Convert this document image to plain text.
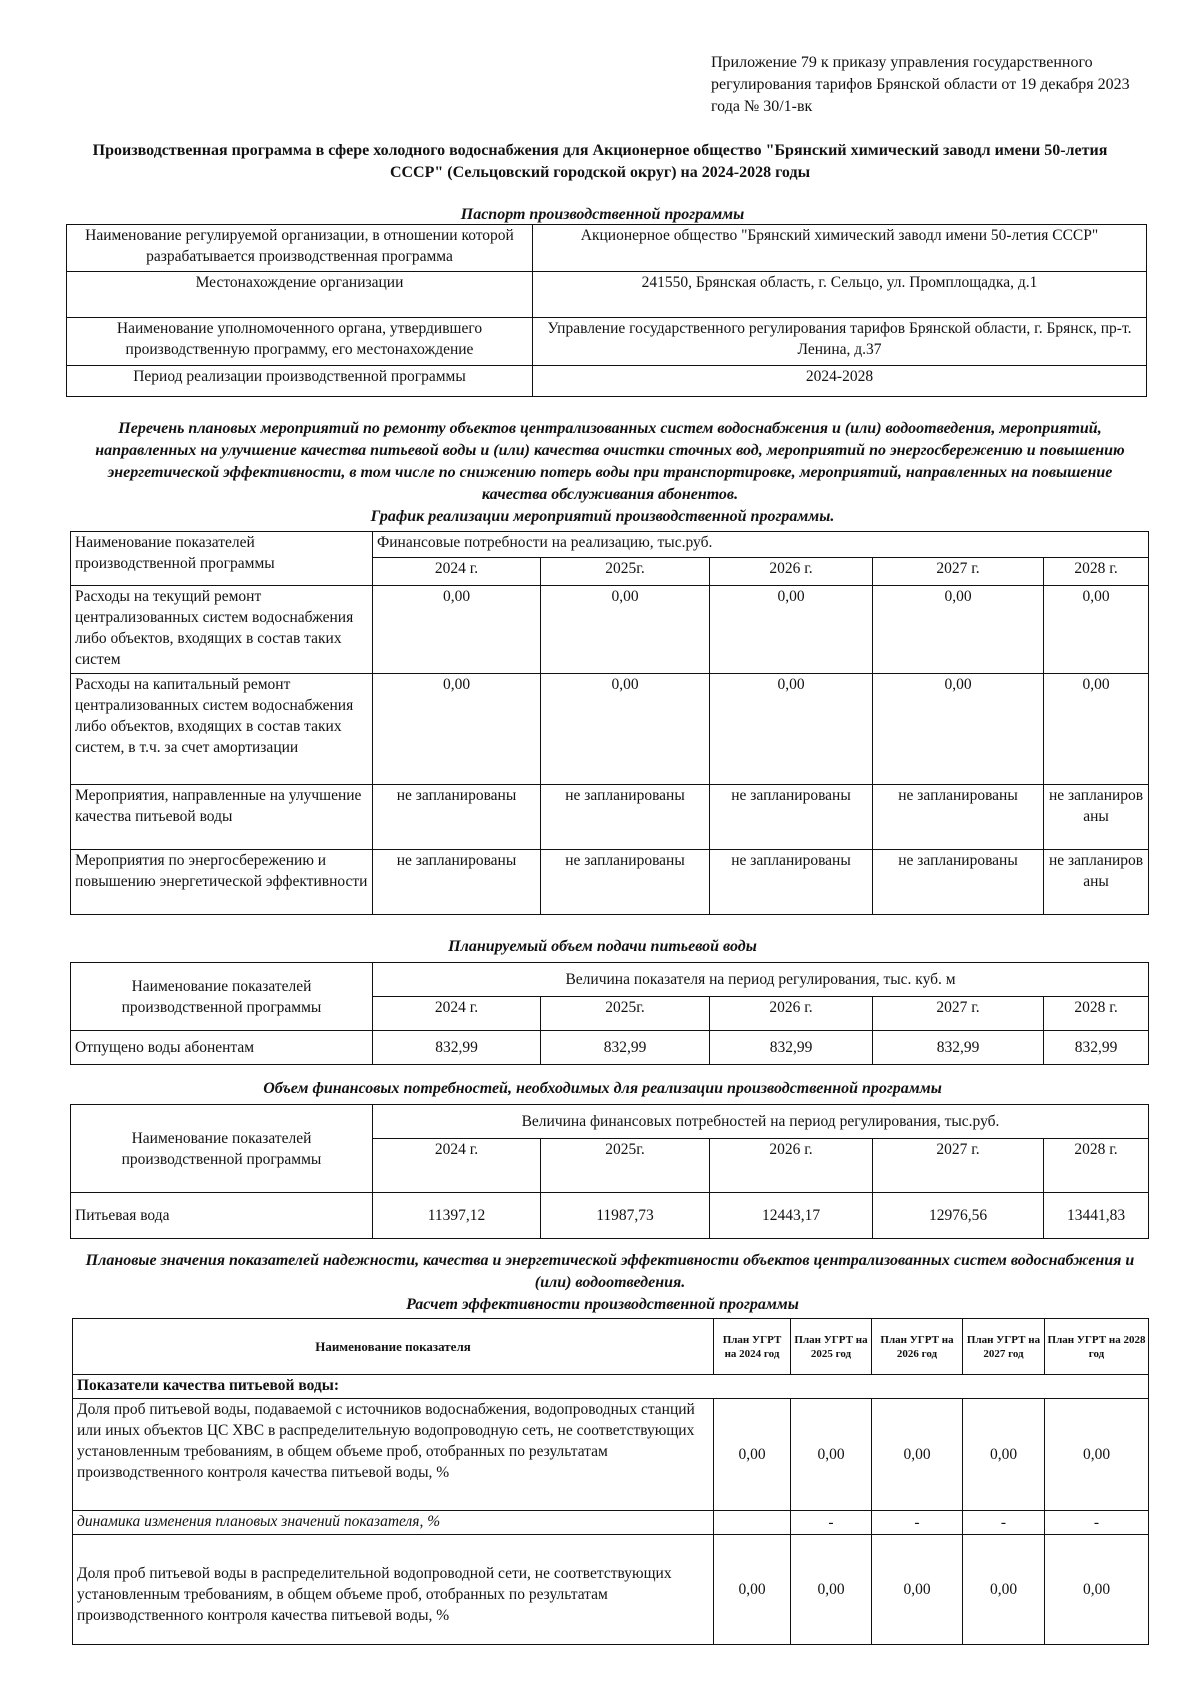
Приложение 79 к приказу управления государственного регулирования тарифов Брянской области от 19 декабря 2023 года № 30/1-вк
Производственная программа в сфере холодного водоснабжения для Акционерное общество "Брянский химический заводл имени 50-летия СССР" (Сельцовский городской округ) на 2024-2028 годы
Паспорт производственной программы
Наименование регулируемой организации, в отношении которой разрабатывается производственная программа	Акционерное общество "Брянский химический заводл имени 50-летия СССР"
Местонахождение организации	241550, Брянская область, г. Сельцо, ул. Промплощадка, д.1
Наименование уполномоченного органа, утвердившего производственную программу, его местонахождение	Управление государственного регулирования тарифов Брянской области, г. Брянск, пр-т. Ленина, д.37
Период реализации производственной программы	2024-2028
Перечень плановых мероприятий по ремонту объектов централизованных систем водоснабжения и (или) водоотведения, мероприятий, направленных на улучшение качества питьевой воды и (или) качества очистки сточных вод, мероприятий по энергосбережению и повышению энергетической эффективности, в том числе по снижению потерь воды при транспортировке, мероприятий, направленных на повышение качества обслуживания абонентов.
График реализации мероприятий производственной программы.
Наименование показателей производственной программы	Финансовые потребности на реализацию, тыс.руб.				
	2024 г.	2025г.	2026 г.	2027 г.	2028 г.
Расходы на текущий ремонт централизованных систем водоснабжения либо объектов, входящих в состав таких систем	0,00	0,00	0,00	0,00	0,00
Расходы на капитальный ремонт централизованных систем водоснабжения либо объектов, входящих в состав таких систем, в т.ч. за счет амортизации	0,00	0,00	0,00	0,00	0,00
Мероприятия, направленные на улучшение качества питьевой воды	не запланированы	не запланированы	не запланированы	не запланированы	не запланированы
Мероприятия по энергосбережению и повышению энергетической эффективности	не запланированы	не запланированы	не запланированы	не запланированы	не запланированы
Планируемый объем подачи питьевой воды
Наименование показателей производственной программы	Величина показателя на период регулирования, тыс. куб. м				
	2024 г.	2025г.	2026 г.	2027 г.	2028 г.
Отпущено воды абонентам	832,99	832,99	832,99	832,99	832,99
Объем финансовых потребностей, необходимых для реализации производственной программы
Наименование показателей производственной программы	Величина финансовых потребностей на период регулирования, тыс.руб.				
	2024 г.	2025г.	2026 г.	2027 г.	2028 г.
Питьевая вода	11397,12	11987,73	12443,17	12976,56	13441,83
Плановые значения показателей надежности, качества и энергетической эффективности объектов централизованных систем водоснабжения и (или) водоотведения.
Расчет эффективности производственной программы
Наименование показателя	План УГРТ на 2024 год	План УГРТ на 2025 год	План УГРТ на 2026 год	План УГРТ на 2027 год	План УГРТ на 2028 год
Показатели качества питьевой воды:					
Доля проб питьевой воды, подаваемой с источников водоснабжения, водопроводных станций или иных объектов ЦС ХВС в распределительную водопроводную сеть, не соответствующих установленным требованиям, в общем объеме проб, отобранных по результатам производственного контроля качества питьевой воды, %	0,00	0,00	0,00	0,00	0,00
динамика изменения плановых значений показателя, %		-	-	-	-
Доля проб питьевой воды в распределительной водопроводной сети, не соответствующих установленным требованиям, в общем объеме проб, отобранных по результатам производственного контроля качества питьевой воды, %	0,00	0,00	0,00	0,00	0,00
